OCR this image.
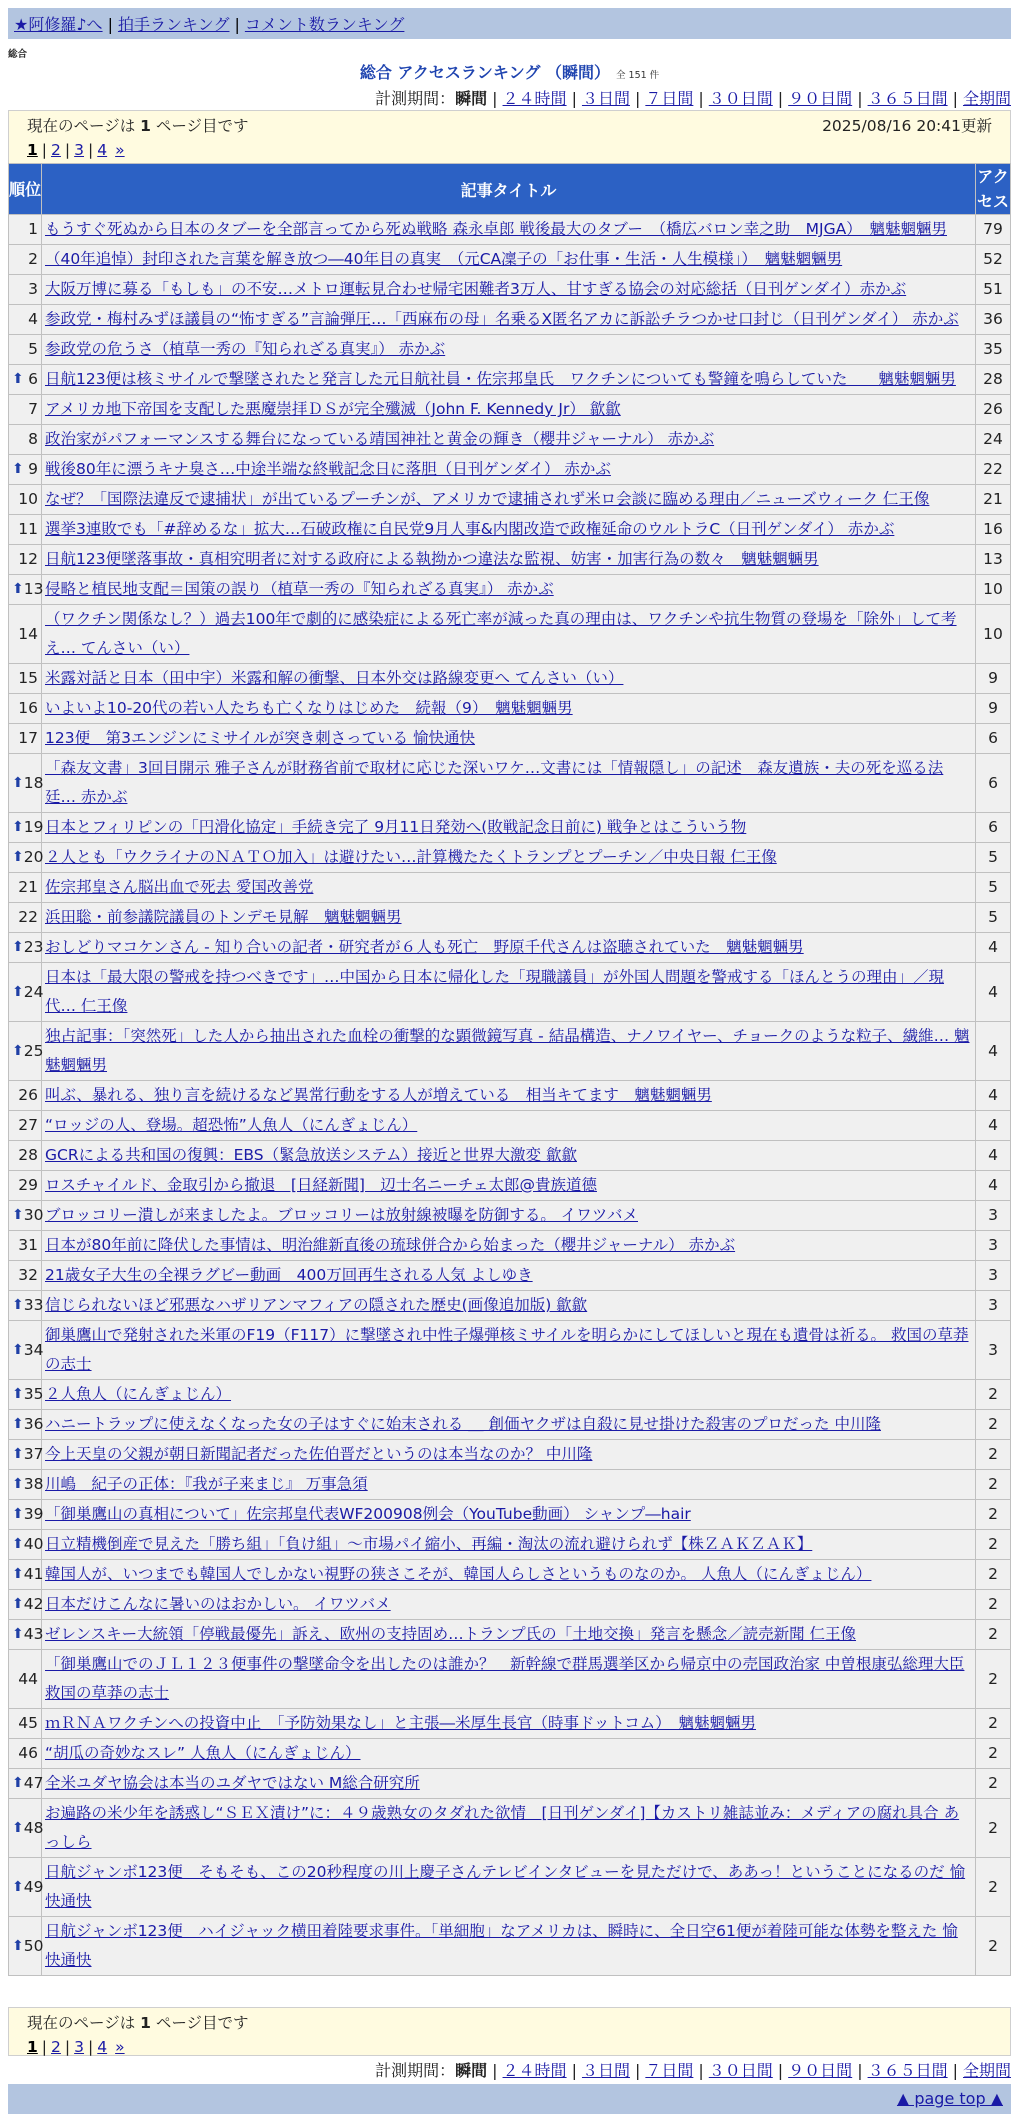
★阿修羅♪へ | 拍手ランキング | コメント数ランキング
総合
総合 アクセスランキング （瞬間） 全 151 件
計測期間：瞬間 | ２４時間 | ３日間 | ７日間 | ３０日間 | ９０日間 | ３６５日間 | 全期間
現在のページは 1 ページ目です	2025/08/16 20:41更新
1 | 2 | 3 | 4 »
順位	記事タイトル	アクセス
1	もうすぐ死ぬから日本のタブーを全部言ってから死ぬ戦略 森永卓郎 戦後最大のタブー　（橋広バロン幸之助　MJGA）　魑魅魍魎男	79
2	（40年追悼）封印された言葉を解き放つ―40年目の真実　（元CA凜子の「お仕事・生活・人生模様」）　魑魅魍魎男	52
3	大阪万博に募る「もしも」の不安…メトロ運転見合わせ帰宅困難者3万人、甘すぎる協会の対応総括（日刊ゲンダイ）赤かぶ	51
4	参政党・梅村みずほ議員の“怖すぎる”言論弾圧…「西麻布の母」名乗るX匿名アカに訴訟チラつかせ口封じ（日刊ゲンダイ） 赤かぶ	36
5	参政党の危うさ（植草一秀の『知られざる真実』） 赤かぶ	35

⬆ 6	日航123便は核ミサイルで撃墜されたと発言した元日航社員・佐宗邦皇氏　ワクチンについても警鐘を鳴らしていた　　魑魅魍魎男	28
7	アメリカ地下帝国を支配した悪魔崇拝ＤＳが完全殲滅（John F. Kennedy Jr） 歙歙	26
8	政治家がパフォーマンスする舞台になっている靖国神社と黄金の輝き（櫻井ジャーナル） 赤かぶ	24

⬆ 9	戦後80年に漂うキナ臭さ…中途半端な終戦記念日に落胆（日刊ゲンダイ） 赤かぶ	22
10	なぜ？「国際法違反で逮捕状」が出ているプーチンが、アメリカで逮捕されず米ロ会談に臨める理由／ニューズウィーク 仁王像	21
11	選挙3連敗でも「#辞めるな」拡大…石破政権に自民党9月人事&内閣改造で政権延命のウルトラC（日刊ゲンダイ） 赤かぶ	16
12	日航123便墜落事故・真相究明者に対する政府による執拗かつ違法な監視、妨害・加害行為の数々　魑魅魍魎男	13

⬆ 13	侵略と植民地支配＝国策の誤り（植草一秀の『知られざる真実』） 赤かぶ	10
14	（ワクチン関係なし？）過去100年で劇的に感染症による死亡率が減った真の理由は、ワクチンや抗生物質の登場を「除外」して考え… てんさい（い）	10
15	米露対話と日本（田中宇）米露和解の衝撃、日本外交は路線変更へ てんさい（い）	9
16	いよいよ10-20代の若い人たちも亡くなりはじめた　続報（9）　魑魅魍魎男	9
17	123便　第3エンジンにミサイルが突き刺さっている 愉快通快	6

⬆ 18	「森友文書」3回目開示 雅子さんが財務省前で取材に応じた深いワケ…文書には「情報隠し」の記述　森友遺族・夫の死を巡る法廷… 赤かぶ	6

⬆ 19	日本とフィリピンの「円滑化協定」手続き完了 9月11日発効へ(敗戦記念日前に) 戦争とはこういう物	6

⬆ 20	２人とも「ウクライナのＮＡＴＯ加入」は避けたい…計算機たたくトランプとプーチン／中央日報 仁王像	5
21	佐宗邦皇さん脳出血で死去 愛国改善党	5
22	浜田聡・前参議院議員のトンデモ見解　魑魅魍魎男	5

⬆ 23	おしどりマコケンさん - 知り合いの記者・研究者が６人も死亡　野原千代さんは盗聴されていた　魑魅魍魎男	4

⬆ 24	日本は「最大限の警戒を持つべきです」…中国から日本に帰化した「現職議員」が外国人問題を警戒する「ほんとうの理由」／現代… 仁王像	4

⬆ 25	独占記事：「突然死」した人から抽出された血栓の衝撃的な顕微鏡写真 - 結晶構造、ナノワイヤー、チョークのような粒子、繊維… 魑魅魍魎男	4
26	叫ぶ、暴れる、独り言を続けるなど異常行動をする人が増えている　相当キてます　魑魅魍魎男	4
27	“ロッジの人、登場。超恐怖”人魚人（にんぎょじん）	4
28	GCRによる共和国の復興：EBS（緊急放送システム）接近と世界大激変 歙歙	4
29	ロスチャイルド、金取引から撤退　[日経新聞]　辺士名ニーチェ太郎@貴族道德	4

⬆ 30	ブロッコリー潰しが来ましたよ。ブロッコリーは放射線被曝を防御する。 イワツバメ	3
31	日本が80年前に降伏した事情は、明治維新直後の琉球併合から始まった（櫻井ジャーナル） 赤かぶ	3
32	21歳女子大生の全裸ラグビー動画　400万回再生される人気 よしゆき	3

⬆ 33	信じられないほど邪悪なハザリアンマフィアの隠された歴史(画像追加版) 歙歙	3

⬆ 34	御巣鷹山で発射された米軍のF19（F117）に撃墜され中性子爆弾核ミサイルを明らかにしてほしいと現在も遺骨は祈る。 救国の草莽の志士	3

⬆ 35	２人魚人（にんぎょじん）	2

⬆ 36	ハニートラップに使えなくなった女の子はすぐに始末される ＿ 創価ヤクザは自殺に見せ掛けた殺害のプロだった 中川隆	2

⬆ 37	今上天皇の父親が朝日新聞記者だった佐伯晋だというのは本当なのか？ 中川隆	2

⬆ 38	川嶋　紀子の正体：『我が子来まじ』 万事急須	2

⬆ 39	「御巣鷹山の真相について」佐宗邦皇代表WF200908例会（YouTube動画） シャンプ―hair	2

⬆ 40	日立精機倒産で見えた「勝ち組」「負け組」～市場パイ縮小、再編・淘汰の流れ避けられず【株ＺＡＫＺＡＫ】	2

⬆ 41	韓国人が、いつまでも韓国人でしかない視野の狭さこそが、韓国人らしさというものなのか。 人魚人（にんぎょじん）	2

⬆ 42	日本だけこんなに暑いのはおかしい。 イワツバメ	2

⬆ 43	ゼレンスキー大統領「停戦最優先」訴え、欧州の支持固め…トランプ氏の「土地交換」発言を懸念／読売新聞 仁王像	2
44	「御巣鷹山でのＪＬ１２３便事件の撃墜命令を出したのは誰か？　新幹線で群馬選挙区から帰京中の売国政治家 中曽根康弘総理大臣 救国の草莽の志士	2
45	ｍＲＮＡワクチンへの投資中止　「予防効果なし」と主張―米厚生長官（時事ドットコム）　魑魅魍魎男	2
46	“胡瓜の奇妙なスレ” 人魚人（にんぎょじん）	2

⬆ 47	全米ユダヤ協会は本当のユダヤではない M総合研究所	2

⬆ 48	お遍路の米少年を誘惑し“ＳＥＸ漬け”に：４９歳熟女のタダれた欲情　[日刊ゲンダイ]【カストリ雑誌並み：メディアの腐れ具合 あっしら	2

⬆ 49	日航ジャンボ123便　そもそも、この20秒程度の川上慶子さんテレビインタビューを見ただけで、ああっ！ということになるのだ 愉快通快	2

⬆ 50	日航ジャンボ123便　ハイジャック横田着陸要求事件。「単細胞」なアメリカは、瞬時に、全日空61便が着陸可能な体勢を整えた 愉快通快	2
現在のページは 1 ページ目です
1 | 2 | 3 | 4 »
計測期間：瞬間 | ２４時間 | ３日間 | ７日間 | ３０日間 | ９０日間 | ３６５日間 | 全期間
▲ page top ▲
